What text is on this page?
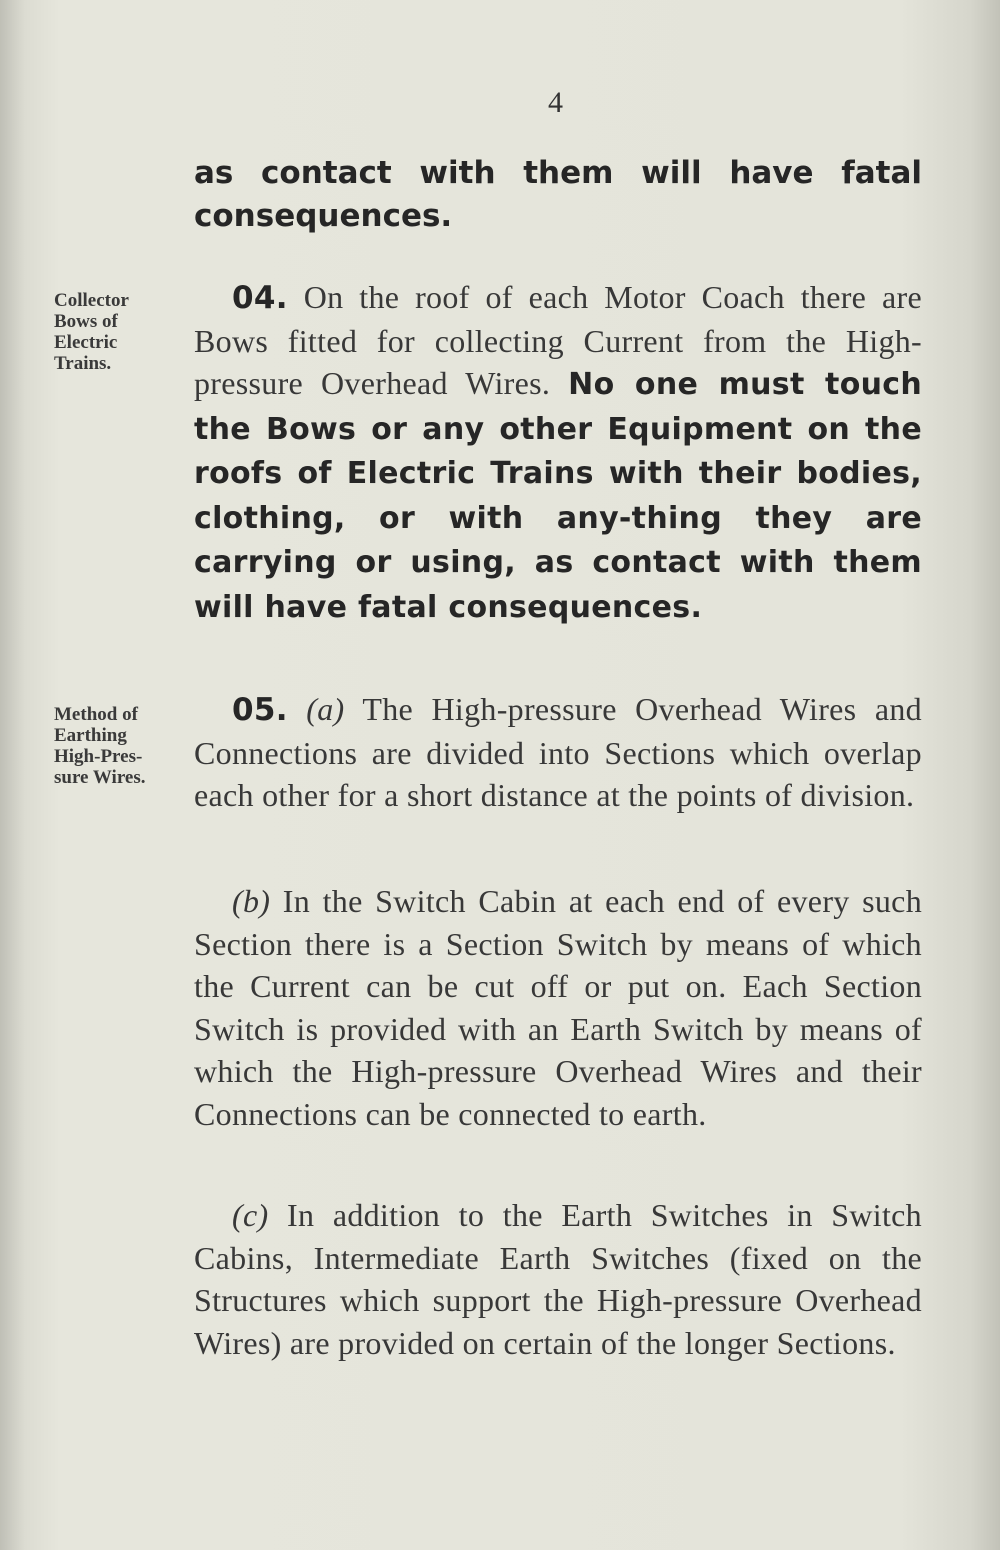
4

as contact with them will have fatal consequences.

Collector
Bows of
Electric
Trains.

04. On the roof of each Motor Coach there are Bows fitted for collecting Current from the High-pressure Overhead Wires. No one must touch the Bows or any other Equipment on the roofs of Electric Trains with their bodies, clothing, or with any-thing they are carrying or using, as contact with them will have fatal consequences.

Method of
Earthing
High-Pres-
sure Wires.

05. (a) The High-pressure Overhead Wires and Connections are divided into Sections which overlap each other for a short distance at the points of division.

(b) In the Switch Cabin at each end of every such Section there is a Section Switch by means of which the Current can be cut off or put on. Each Section Switch is provided with an Earth Switch by means of which the High-pressure Overhead Wires and their Connections can be connected to earth.

(c) In addition to the Earth Switches in Switch Cabins, Intermediate Earth Switches (fixed on the Structures which support the High-pressure Overhead Wires) are provided on certain of the longer Sections.
